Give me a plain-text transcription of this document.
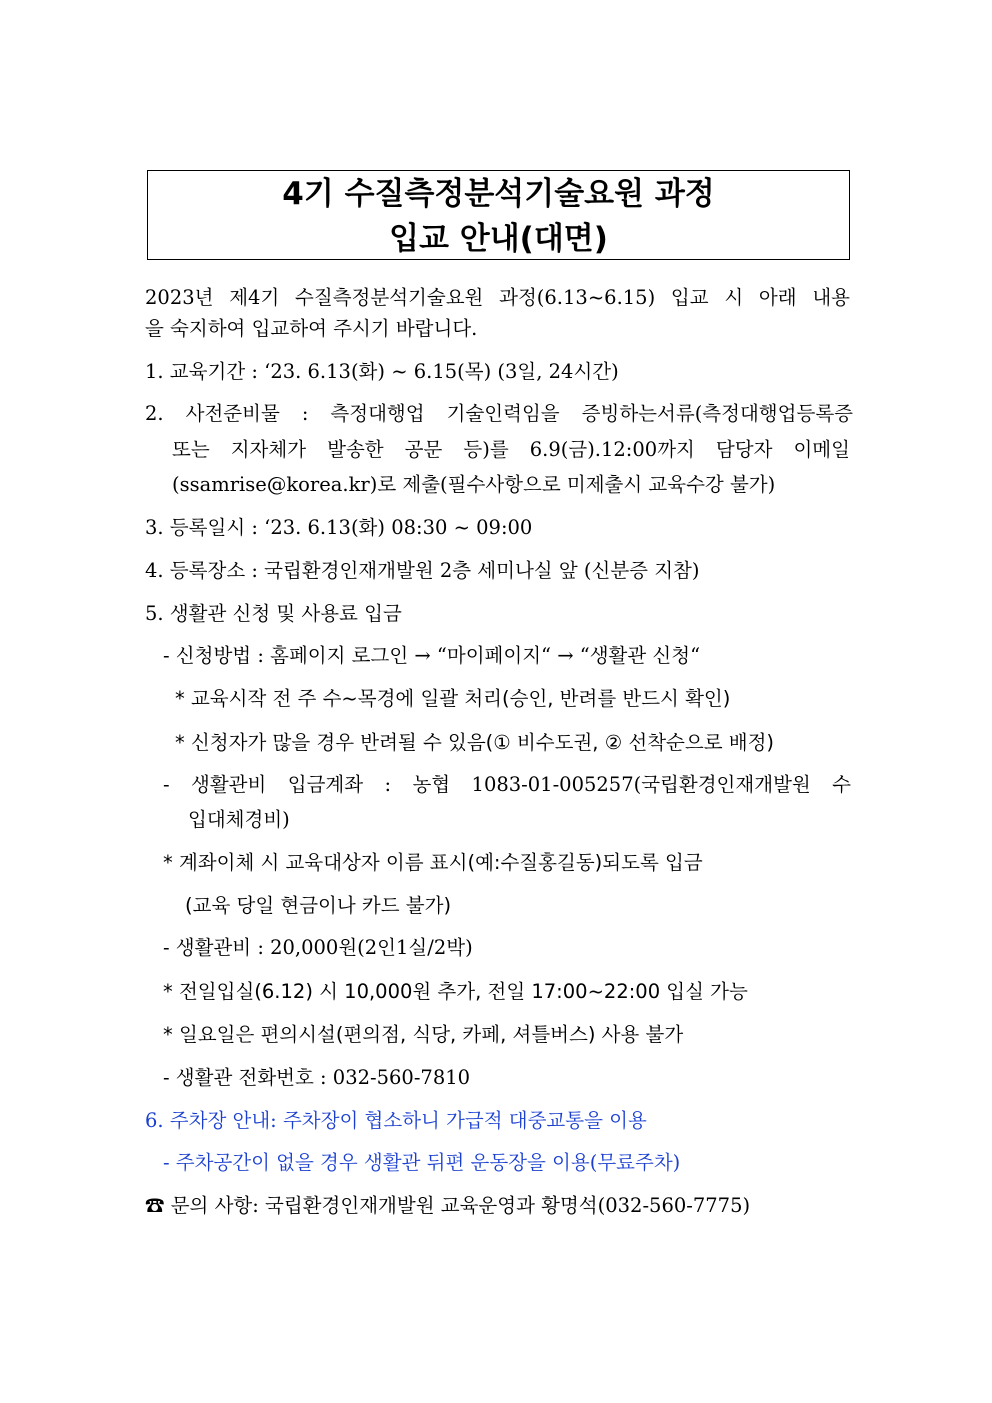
4기 수질측정분석기술요원 과정
입교 안내(대면)
2023년 제4기 수질측정분석기술요원 과정(6.13~6.15) 입교 시 아래 내용
을 숙지하여 입교하여 주시기 바랍니다.
1. 교육기간 : ‘23. 6.13(화) ~ 6.15(목) (3일, 24시간)
2. 사전준비물 : 측정대행업 기술인력임을 증빙하는서류(측정대행업등록증
또는 지자체가 발송한 공문 등)를 6.9(금).12:00까지 담당자 이메일
(ssamrise@korea.kr)로 제출(필수사항으로 미제출시 교육수강 불가)
3. 등록일시 : ‘23. 6.13(화) 08:30 ~ 09:00
4. 등록장소 : 국립환경인재개발원 2층 세미나실 앞 (신분증 지참)
5. 생활관 신청 및 사용료 입금
- 신청방법 : 홈페이지 로그인 → “마이페이지“ → “생활관 신청“
* 교육시작 전 주 수~목경에 일괄 처리(승인, 반려를 반드시 확인)
* 신청자가 많을 경우 반려될 수 있음(① 비수도권, ② 선착순으로 배정)
- 생활관비 입금계좌 : 농협 1083-01-005257(국립환경인재개발원 수
입대체경비)
* 계좌이체 시 교육대상자 이름 표시(예:수질홍길동)되도록 입금
(교육 당일 현금이나 카드 불가)
- 생활관비 : 20,000원(2인1실/2박)
* 전일입실(6.12) 시 10,000원 추가, 전일 17:00~22:00 입실 가능
* 일요일은 편의시설(편의점, 식당, 카페, 셔틀버스) 사용 불가
- 생활관 전화번호 : 032-560-7810
6. 주차장 안내: 주차장이 협소하니 가급적 대중교통을 이용
- 주차공간이 없을 경우 생활관 뒤편 운동장을 이용(무료주차)
☎ 문의 사항: 국립환경인재개발원 교육운영과 황명석(032-560-7775)
